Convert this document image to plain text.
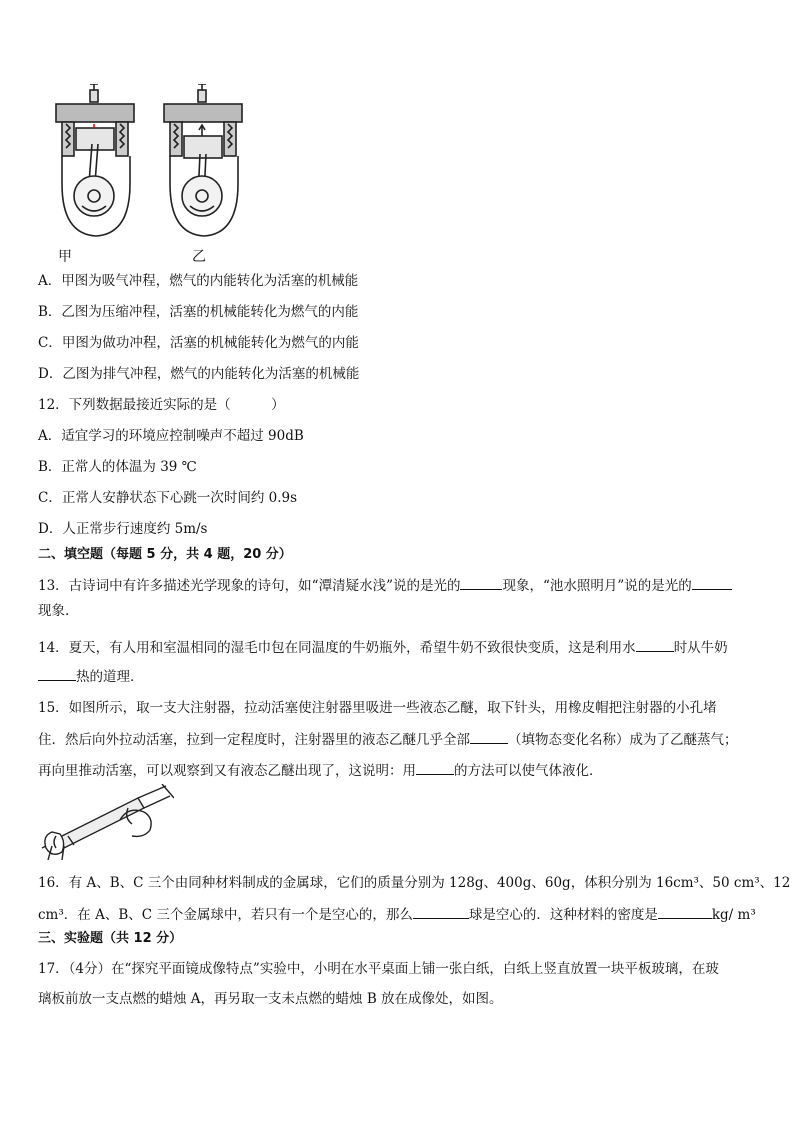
甲	乙
A．甲图为吸气冲程，燃气的内能转化为活塞的机械能
B．乙图为压缩冲程，活塞的机械能转化为燃气的内能
C．甲图为做功冲程，活塞的机械能转化为燃气的内能
D．乙图为排气冲程，燃气的内能转化为活塞的机械能
12．下列数据最接近实际的是（　　　）
A．适宜学习的环境应控制噪声不超过 90dB
B．正常人的体温为 39 ℃
C．正常人安静状态下心跳一次时间约 0.9s
D．人正常步行速度约 5m/s
二、填空题（每题 5 分，共 4 题，20 分）
13．古诗词中有许多描述光学现象的诗句，如“潭清疑水浅”说的是光的	现象，“池水照明月”说的是光的
现象.
14．夏天，有人用和室温相同的湿毛巾包在同温度的牛奶瓶外，希望牛奶不致很快变质，这是利用水	时从牛奶
热的道理．
15．如图所示，取一支大注射器，拉动活塞使注射器里吸进一些液态乙醚，取下针头，用橡皮帽把注射器的小孔堵
住．然后向外拉动活塞，拉到一定程度时，注射器里的液态乙醚几乎全部	（填物态变化名称）成为了乙醚蒸气；
再向里推动活塞，可以观察到又有液态乙醚出现了，这说明：用	的方法可以使气体液化．
16．有 A、B、C 三个由同种材料制成的金属球，它们的质量分别为 128g、400g、60g，体积分别为 16cm³、50 cm³、12
cm³．在 A、B、C 三个金属球中，若只有一个是空心的，那么	球是空心的．这种材料的密度是	kg/ m³
三、实验题（共 12 分）
17．（4分）在“探究平面镜成像特点”实验中，小明在水平桌面上铺一张白纸，白纸上竖直放置一块平板玻璃，在玻
璃板前放一支点燃的蜡烛 A，再另取一支未点燃的蜡烛 B 放在成像处，如图。
